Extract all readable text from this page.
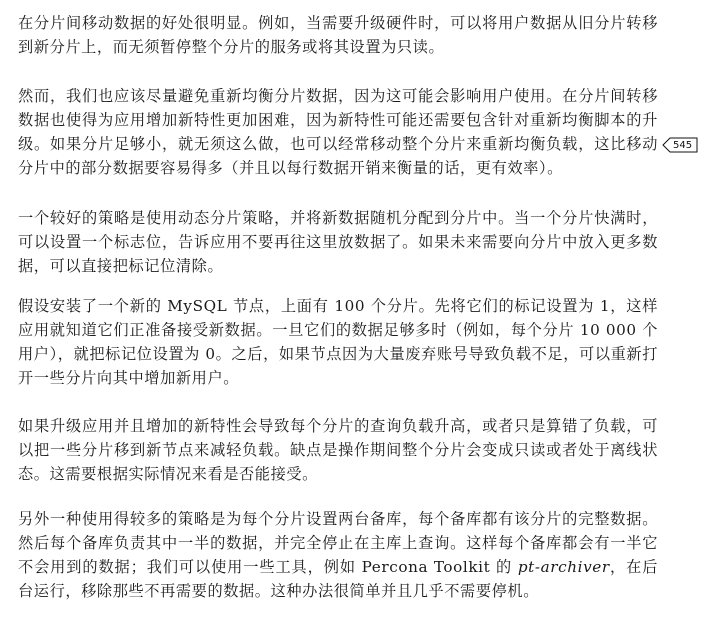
在分片间移动数据的好处很明显。例如，当需要升级硬件时，可以将用户数据从旧分片转移到新分片上，而无须暂停整个分片的服务或将其设置为只读。

然而，我们也应该尽量避免重新均衡分片数据，因为这可能会影响用户使用。在分片间转移数据也使得为应用增加新特性更加困难，因为新特性可能还需要包含针对重新均衡脚本的升级。如果分片足够小，就无须这么做，也可以经常移动整个分片来重新均衡负载，这比移动分片中的部分数据要容易得多（并且以每行数据开销来衡量的话，更有效率）。

545

一个较好的策略是使用动态分片策略，并将新数据随机分配到分片中。当一个分片快满时，可以设置一个标志位，告诉应用不要再往这里放数据了。如果未来需要向分片中放入更多数据，可以直接把标记位清除。

假设安装了一个新的 MySQL 节点，上面有 100 个分片。先将它们的标记设置为 1，这样应用就知道它们正准备接受新数据。一旦它们的数据足够多时（例如，每个分片 10 000 个用户），就把标记位设置为 0。之后，如果节点因为大量废弃账号导致负载不足，可以重新打开一些分片向其中增加新用户。

如果升级应用并且增加的新特性会导致每个分片的查询负载升高，或者只是算错了负载，可以把一些分片移到新节点来减轻负载。缺点是操作期间整个分片会变成只读或者处于离线状态。这需要根据实际情况来看是否能接受。

另外一种使用得较多的策略是为每个分片设置两台备库，每个备库都有该分片的完整数据。然后每个备库负责其中一半的数据，并完全停止在主库上查询。这样每个备库都会有一半它不会用到的数据；我们可以使用一些工具，例如 Percona Toolkit 的 pt-archiver，在后台运行，移除那些不再需要的数据。这种办法很简单并且几乎不需要停机。
